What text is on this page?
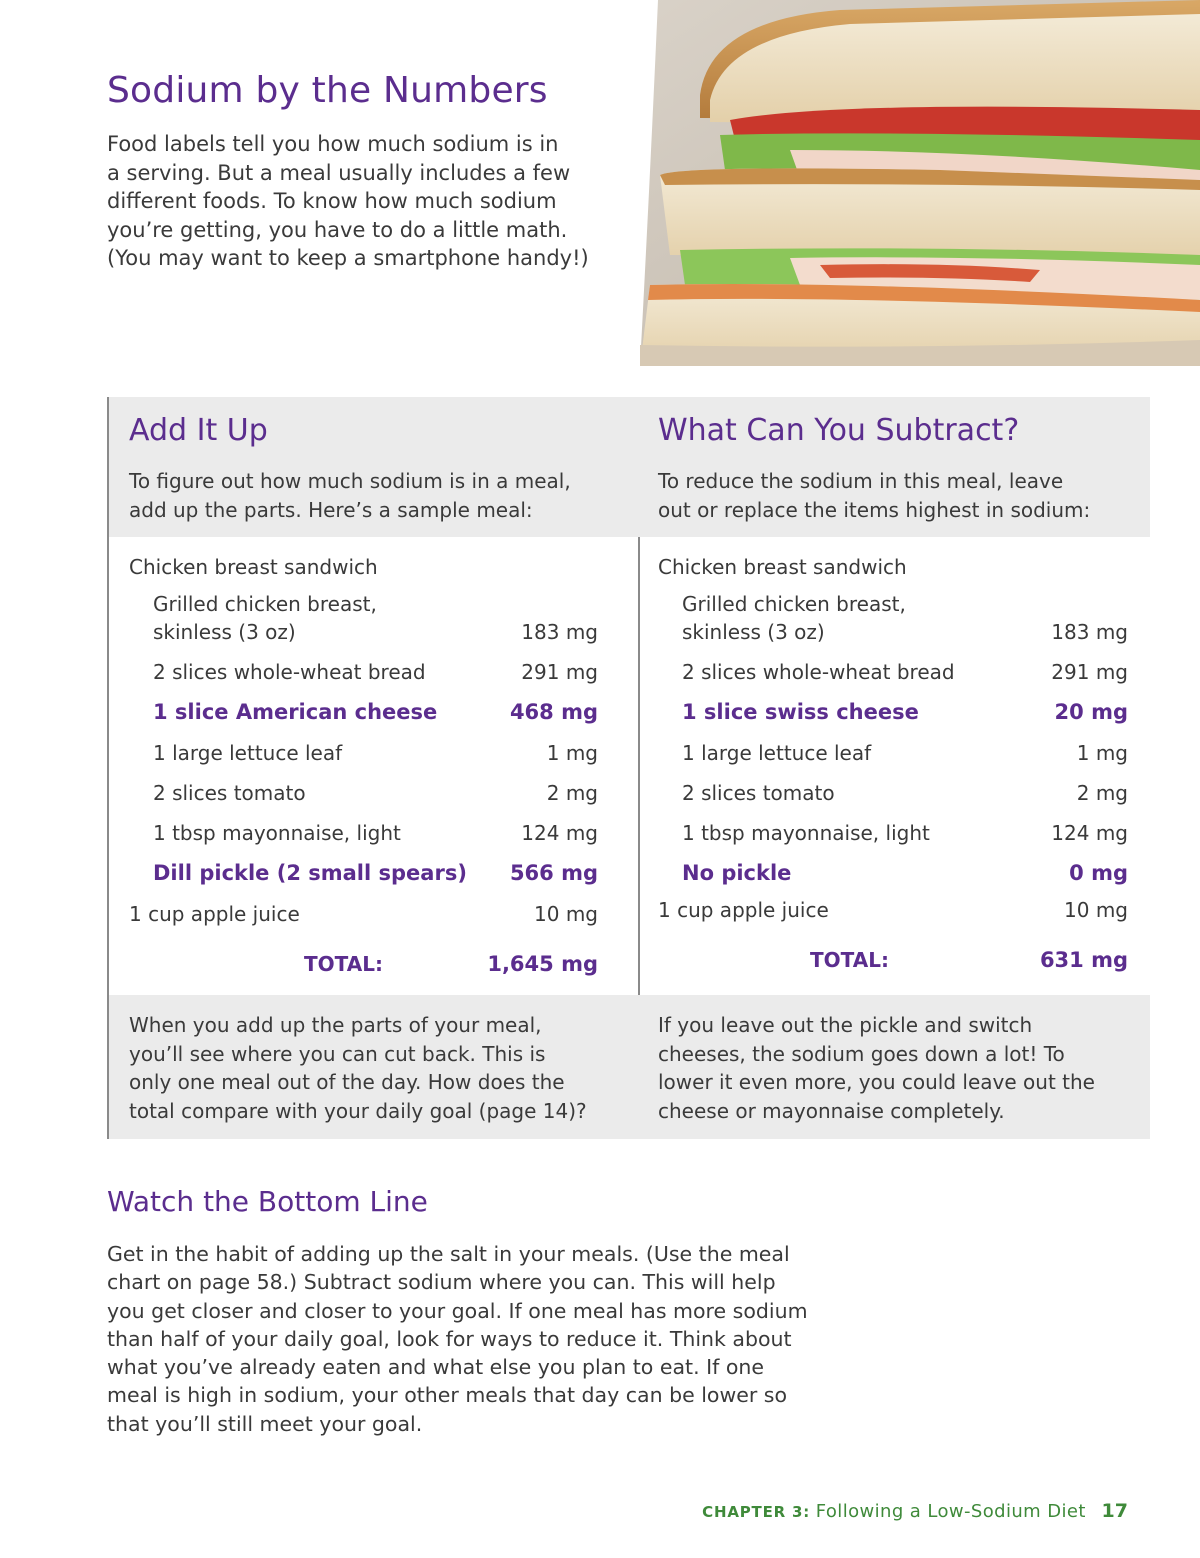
Sodium by the Numbers

Food labels tell you how much sodium is in
a serving. But a meal usually includes a few
different foods. To know how much sodium
you’re getting, you have to do a little math.
(You may want to keep a smartphone handy!)

Add It Up

To figure out how much sodium is in a meal,
add up the parts. Here’s a sample meal:

Chicken breast sandwich
Grilled chicken breast,
skinless (3 oz)	183 mg
2 slices whole-wheat bread	291 mg
1 slice American cheese	468 mg
1 large lettuce leaf	1 mg
2 slices tomato	2 mg
1 tbsp mayonnaise, light	124 mg
Dill pickle (2 small spears) 566 mg
1 cup apple juice	10 mg
TOTAL:	1,645 mg

When you add up the parts of your meal,
you’ll see where you can cut back. This is
only one meal out of the day. How does the
total compare with your daily goal (page 14)?

What Can You Subtract?

To reduce the sodium in this meal, leave
out or replace the items highest in sodium:

Chicken breast sandwich
Grilled chicken breast,
skinless (3 oz)	183 mg
2 slices whole-wheat bread	291 mg
1 slice swiss cheese	20 mg
1 large lettuce leaf	1 mg
2 slices tomato	2 mg
1 tbsp mayonnaise, light	124 mg
No pickle	0 mg
1 cup apple juice	10 mg
TOTAL:	631 mg

If you leave out the pickle and switch
cheeses, the sodium goes down a lot! To
lower it even more, you could leave out the
cheese or mayonnaise completely.

Watch the Bottom Line

Get in the habit of adding up the salt in your meals. (Use the meal
chart on page 58.) Subtract sodium where you can. This will help
you get closer and closer to your goal. If one meal has more sodium
than half of your daily goal, look for ways to reduce it. Think about
what you’ve already eaten and what else you plan to eat. If one
meal is high in sodium, your other meals that day can be lower so
that you’ll still meet your goal.

CHAPTER 3: Following a Low-Sodium Diet 17
